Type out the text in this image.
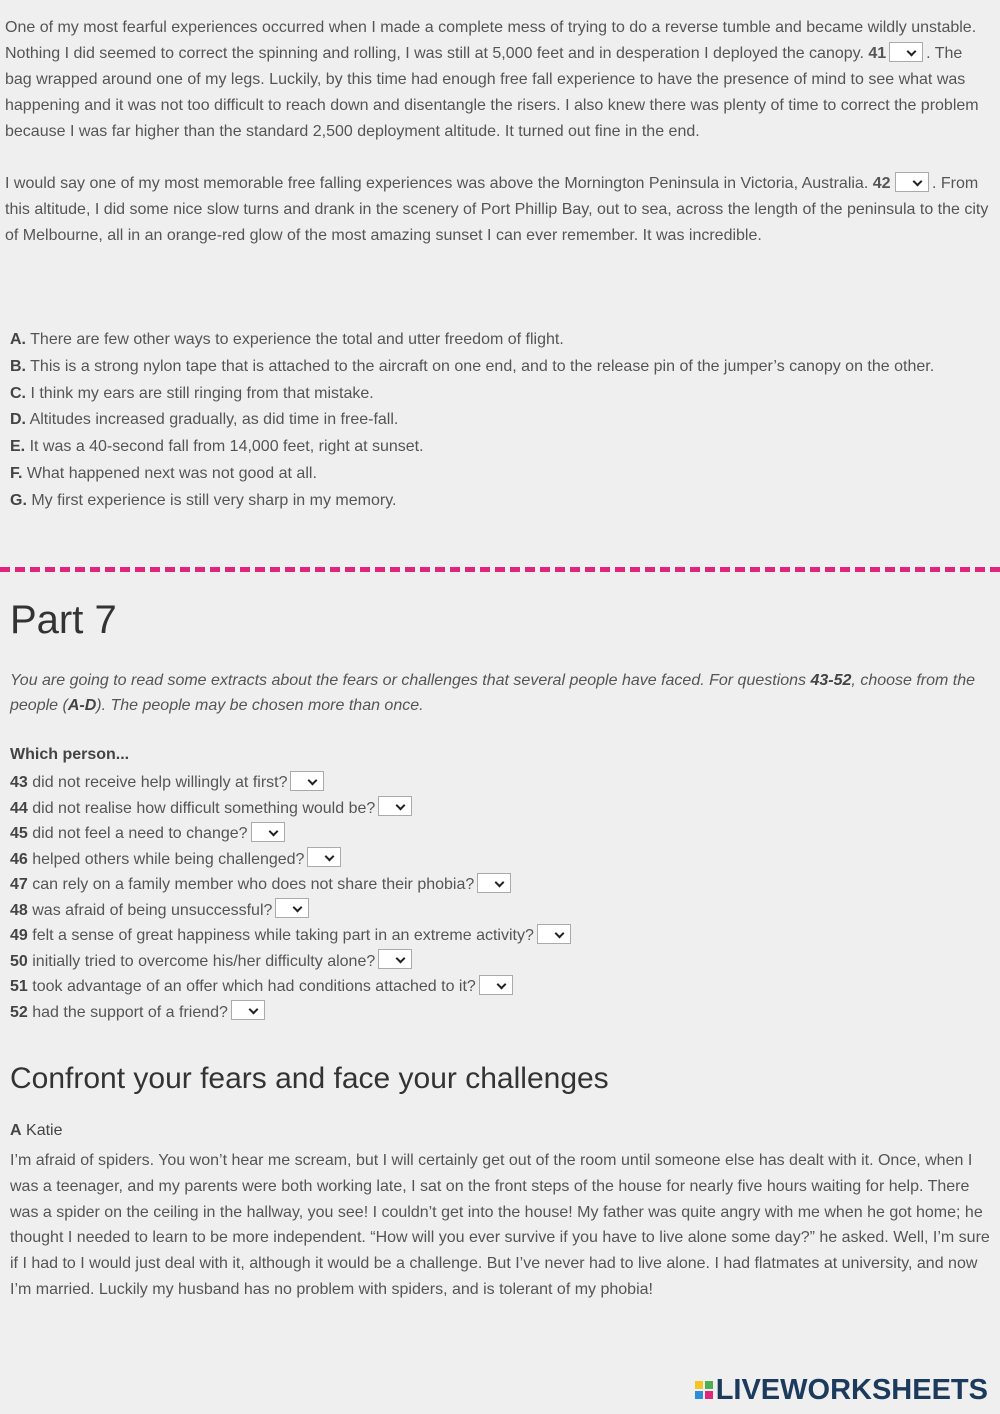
One of my most fearful experiences occurred when I made a complete mess of trying to do a reverse tumble and became wildly unstable. Nothing I did seemed to correct the spinning and rolling, I was still at 5,000 feet and in desperation I deployed the canopy. 41	. The bag wrapped around one of my legs. Luckily, by this time had enough free fall experience to have the presence of mind to see what was happening and it was not too difficult to reach down and disentangle the risers. I also knew there was plenty of time to correct the problem because I was far higher than the standard 2,500 deployment altitude. It turned out fine in the end.

I would say one of my most memorable free falling experiences was above the Mornington Peninsula in Victoria, Australia. 42	. From this altitude, I did some nice slow turns and drank in the scenery of Port Phillip Bay, out to sea, across the length of the peninsula to the city of Melbourne, all in an orange-red glow of the most amazing sunset I can ever remember. It was incredible.

A. There are few other ways to experience the total and utter freedom of flight.

B. This is a strong nylon tape that is attached to the aircraft on one end, and to the release pin of the jumper’s canopy on the other.

C. I think my ears are still ringing from that mistake.

D. Altitudes increased gradually, as did time in free-fall.

E. It was a 40-second fall from 14,000 feet, right at sunset.

F. What happened next was not good at all.

G. My first experience is still very sharp in my memory.

Part 7

You are going to read some extracts about the fears or challenges that several people have faced. For questions 43-52, choose from the people (A-D). The people may be chosen more than once.

Which person...

43 did not receive help willingly at first?
44 did not realise how difficult something would be?
45 did not feel a need to change?
46 helped others while being challenged?
47 can rely on a family member who does not share their phobia?
48 was afraid of being unsuccessful?
49 felt a sense of great happiness while taking part in an extreme activity?
50 initially tried to overcome his/her difficulty alone?
51 took advantage of an offer which had conditions attached to it?
52 had the support of a friend?
Confront your fears and face your challenges

A Katie

I’m afraid of spiders. You won’t hear me scream, but I will certainly get out of the room until someone else has dealt with it. Once, when I was a teenager, and my parents were both working late, I sat on the front steps of the house for nearly five hours waiting for help. There was a spider on the ceiling in the hallway, you see! I couldn’t get into the house! My father was quite angry with me when he got home; he thought I needed to learn to be more independent. “How will you ever survive if you have to live alone some day?” he asked. Well, I’m sure if I had to I would just deal with it, although it would be a challenge. But I’ve never had to live alone. I had flatmates at university, and now I’m married. Luckily my husband has no problem with spiders, and is tolerant of my phobia!

LIVEWORKSHEETS
